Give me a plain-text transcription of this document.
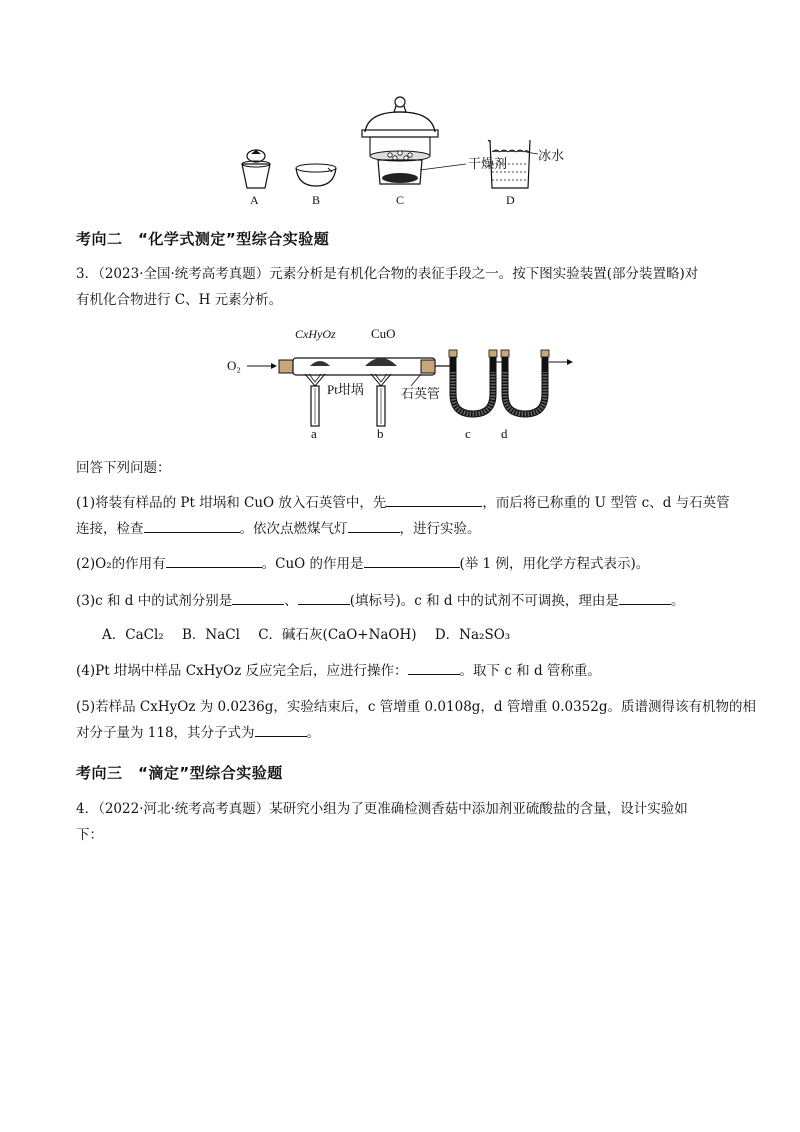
A	B
干燥剂
C
冰水
D
考向二　“化学式测定”型综合实验题
3．（2023·全国·统考高考真题）元素分析是有机化合物的表征手段之一。按下图实验装置(部分装置略)对
有机化合物进行 C、H 元素分析。
O₂
CxHyOz	CuO
Pt坩埚
a	b
石英管
c d
回答下列问题：
(1)将装有样品的 Pt 坩埚和 CuO 放入石英管中，先	，而后将已称重的 U 型管 c、d 与石英管
连接，检查	。依次点燃煤气灯	，进行实验。
(2)O₂的作用有	。CuO 的作用是	(举 1 例，用化学方程式表示)。
(3)c 和 d 中的试剂分别是	、	(填标号)。c 和 d 中的试剂不可调换，理由是	。
A．CaCl₂ B．NaCl C．碱石灰(CaO+NaOH) D．Na₂SO₃
(4)Pt 坩埚中样品 CxHyOz 反应完全后，应进行操作：	。取下 c 和 d 管称重。
(5)若样品 CxHyOz 为 0.0236g，实验结束后，c 管增重 0.0108g，d 管增重 0.0352g。质谱测得该有机物的相
对分子量为 118，其分子式为	。
考向三　“滴定”型综合实验题
4．（2022·河北·统考高考真题）某研究小组为了更准确检测香菇中添加剂亚硫酸盐的含量，设计实验如
下：
